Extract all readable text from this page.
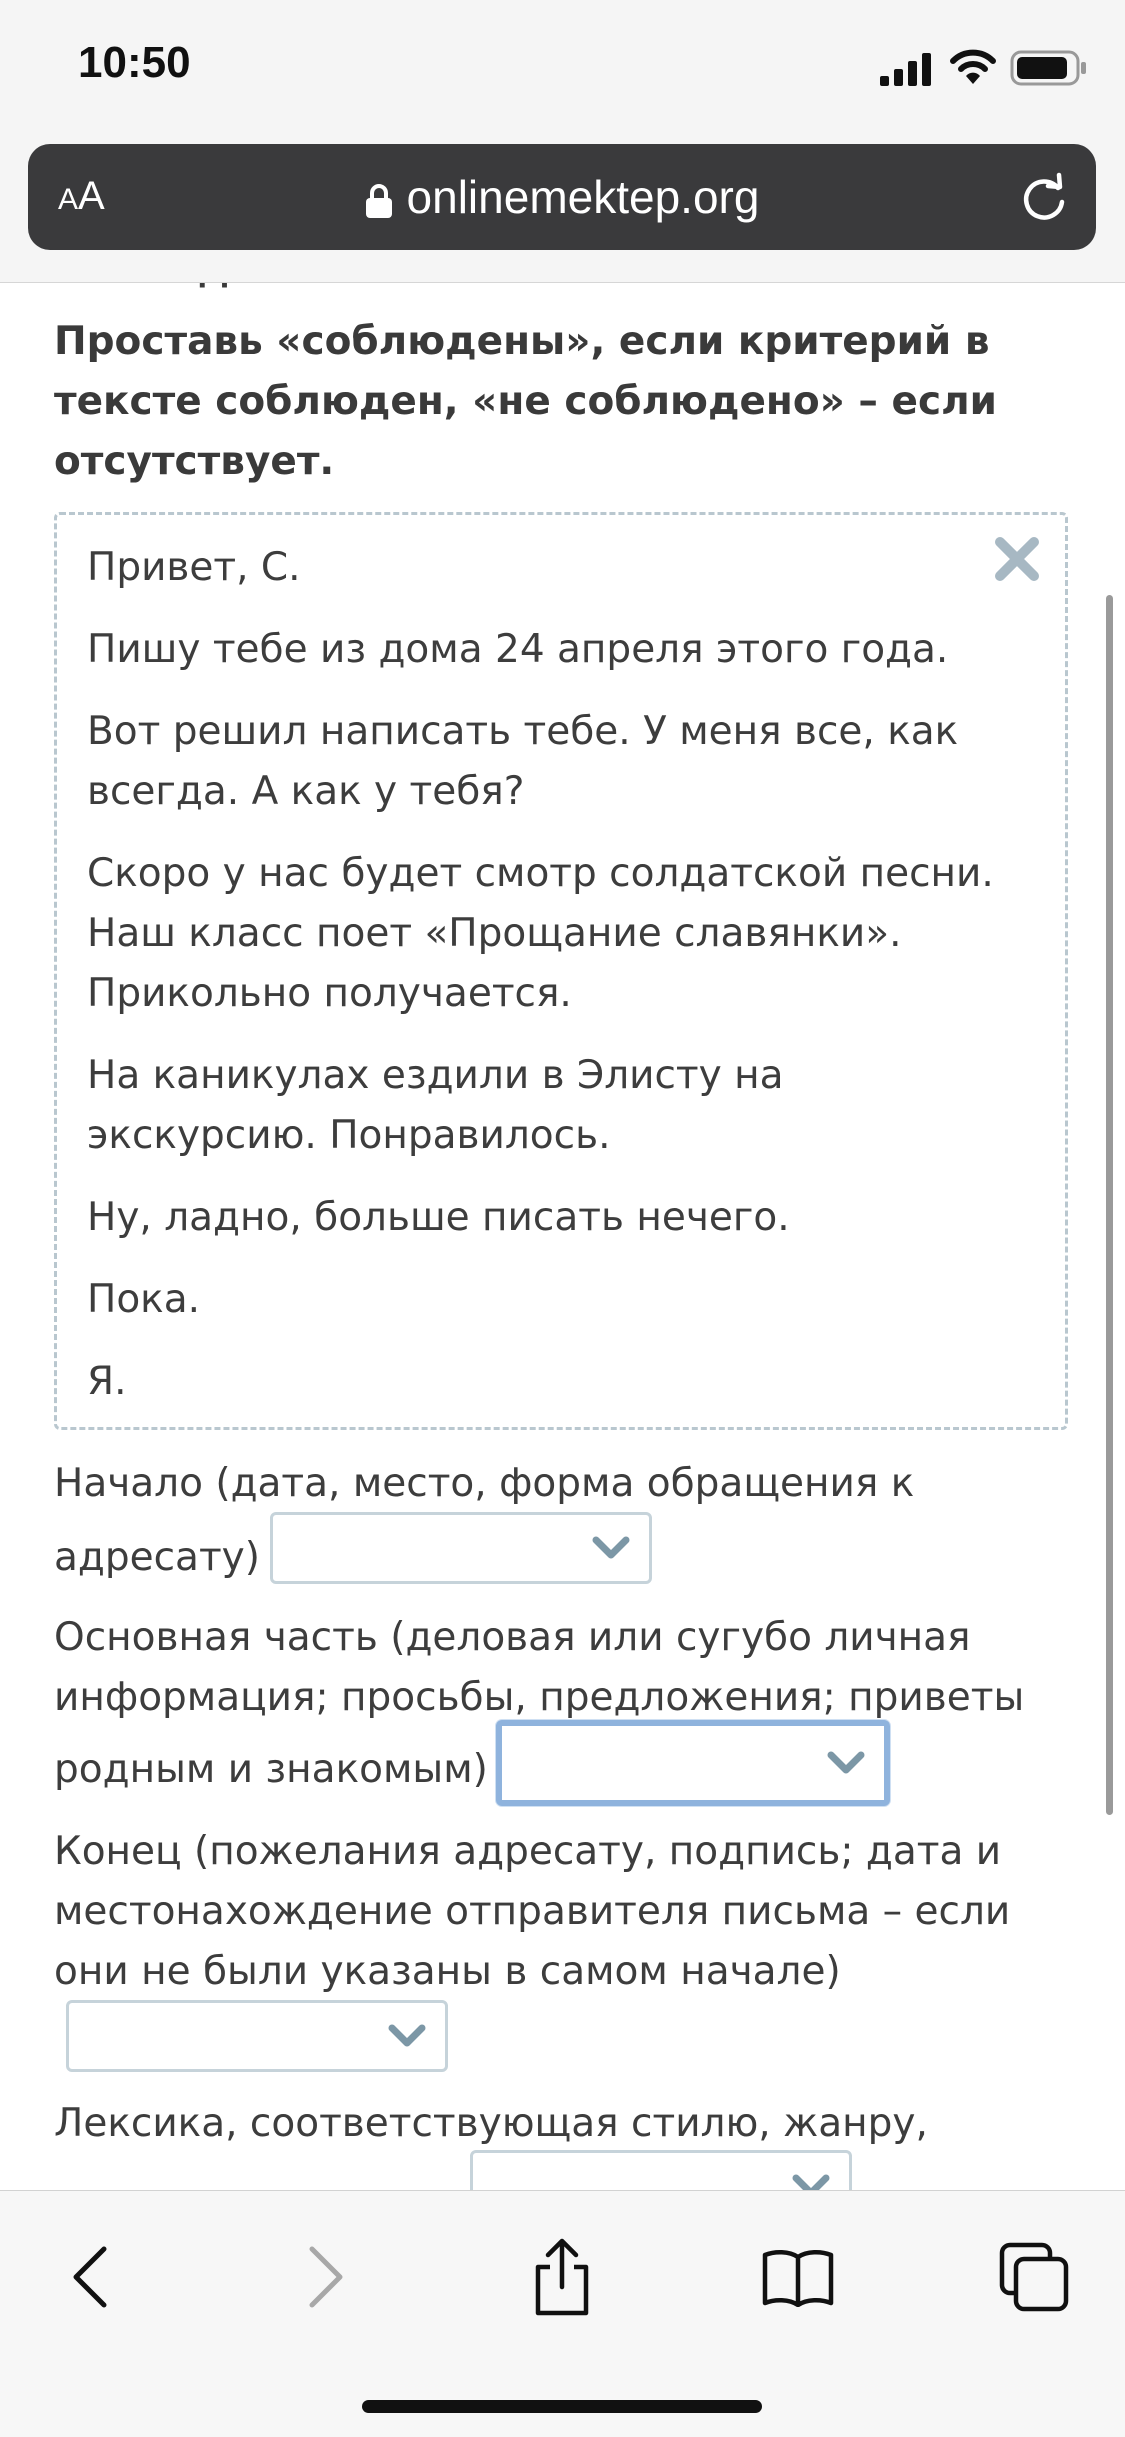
Проставь «соблюдены», если критерий в
тексте соблюден, «не соблюдено» – если
отсутствует.
Привет, С.
Пишу тебе из дома 24 апреля этого года.
Вот решил написать тебе. У меня все, как
всегда. А как у тебя?
Скоро у нас будет смотр солдатской песни.
Наш класс поет «Прощание славянки».
Прикольно получается.
На каникулах ездили в Элисту на
экскурсию. Понравилось.
Ну, ладно, больше писать нечего.
Пока.
Я.
Начало (дата, место, форма обращения к
адресату)
Основная часть (деловая или сугубо личная
информация; просьбы, предложения; приветы
родным и знакомым)
Конец (пожелания адресату, подпись; дата и
местонахождение отправителя письма – если
они не были указаны в самом начале)
Лексика, соответствующая стилю, жанру,
10:50
AA	onlinemektep.org
